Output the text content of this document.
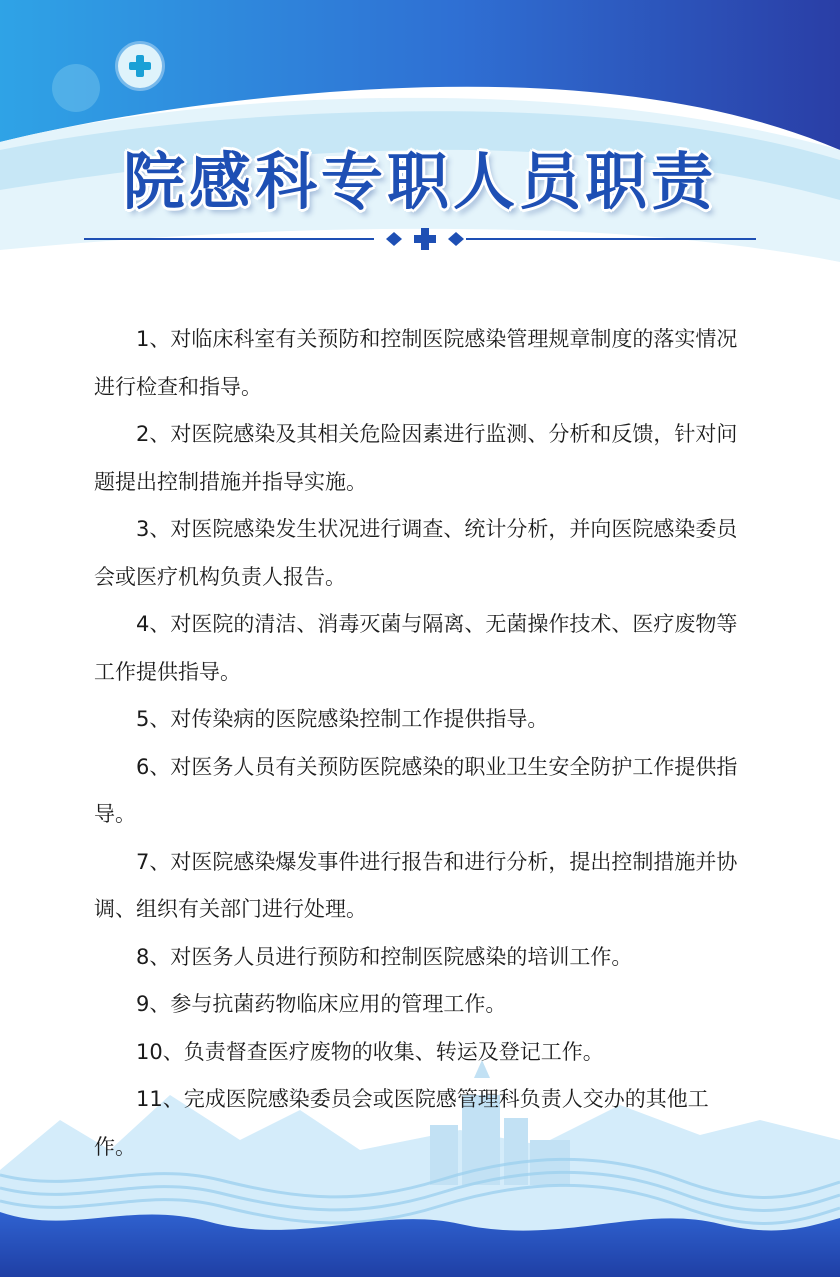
院感科专职人员职责

1、对临床科室有关预防和控制医院感染管理规章制度的落实情况进行检查和指导。

2、对医院感染及其相关危险因素进行监测、分析和反馈，针对问题提出控制措施并指导实施。

3、对医院感染发生状况进行调查、统计分析，并向医院感染委员会或医疗机构负责人报告。

4、对医院的清洁、消毒灭菌与隔离、无菌操作技术、医疗废物等工作提供指导。

5、对传染病的医院感染控制工作提供指导。

6、对医务人员有关预防医院感染的职业卫生安全防护工作提供指导。

7、对医院感染爆发事件进行报告和进行分析，提出控制措施并协调、组织有关部门进行处理。

8、对医务人员进行预防和控制医院感染的培训工作。

9、参与抗菌药物临床应用的管理工作。

10、负责督查医疗废物的收集、转运及登记工作。

11、完成医院感染委员会或医院感管理科负责人交办的其他工作。
